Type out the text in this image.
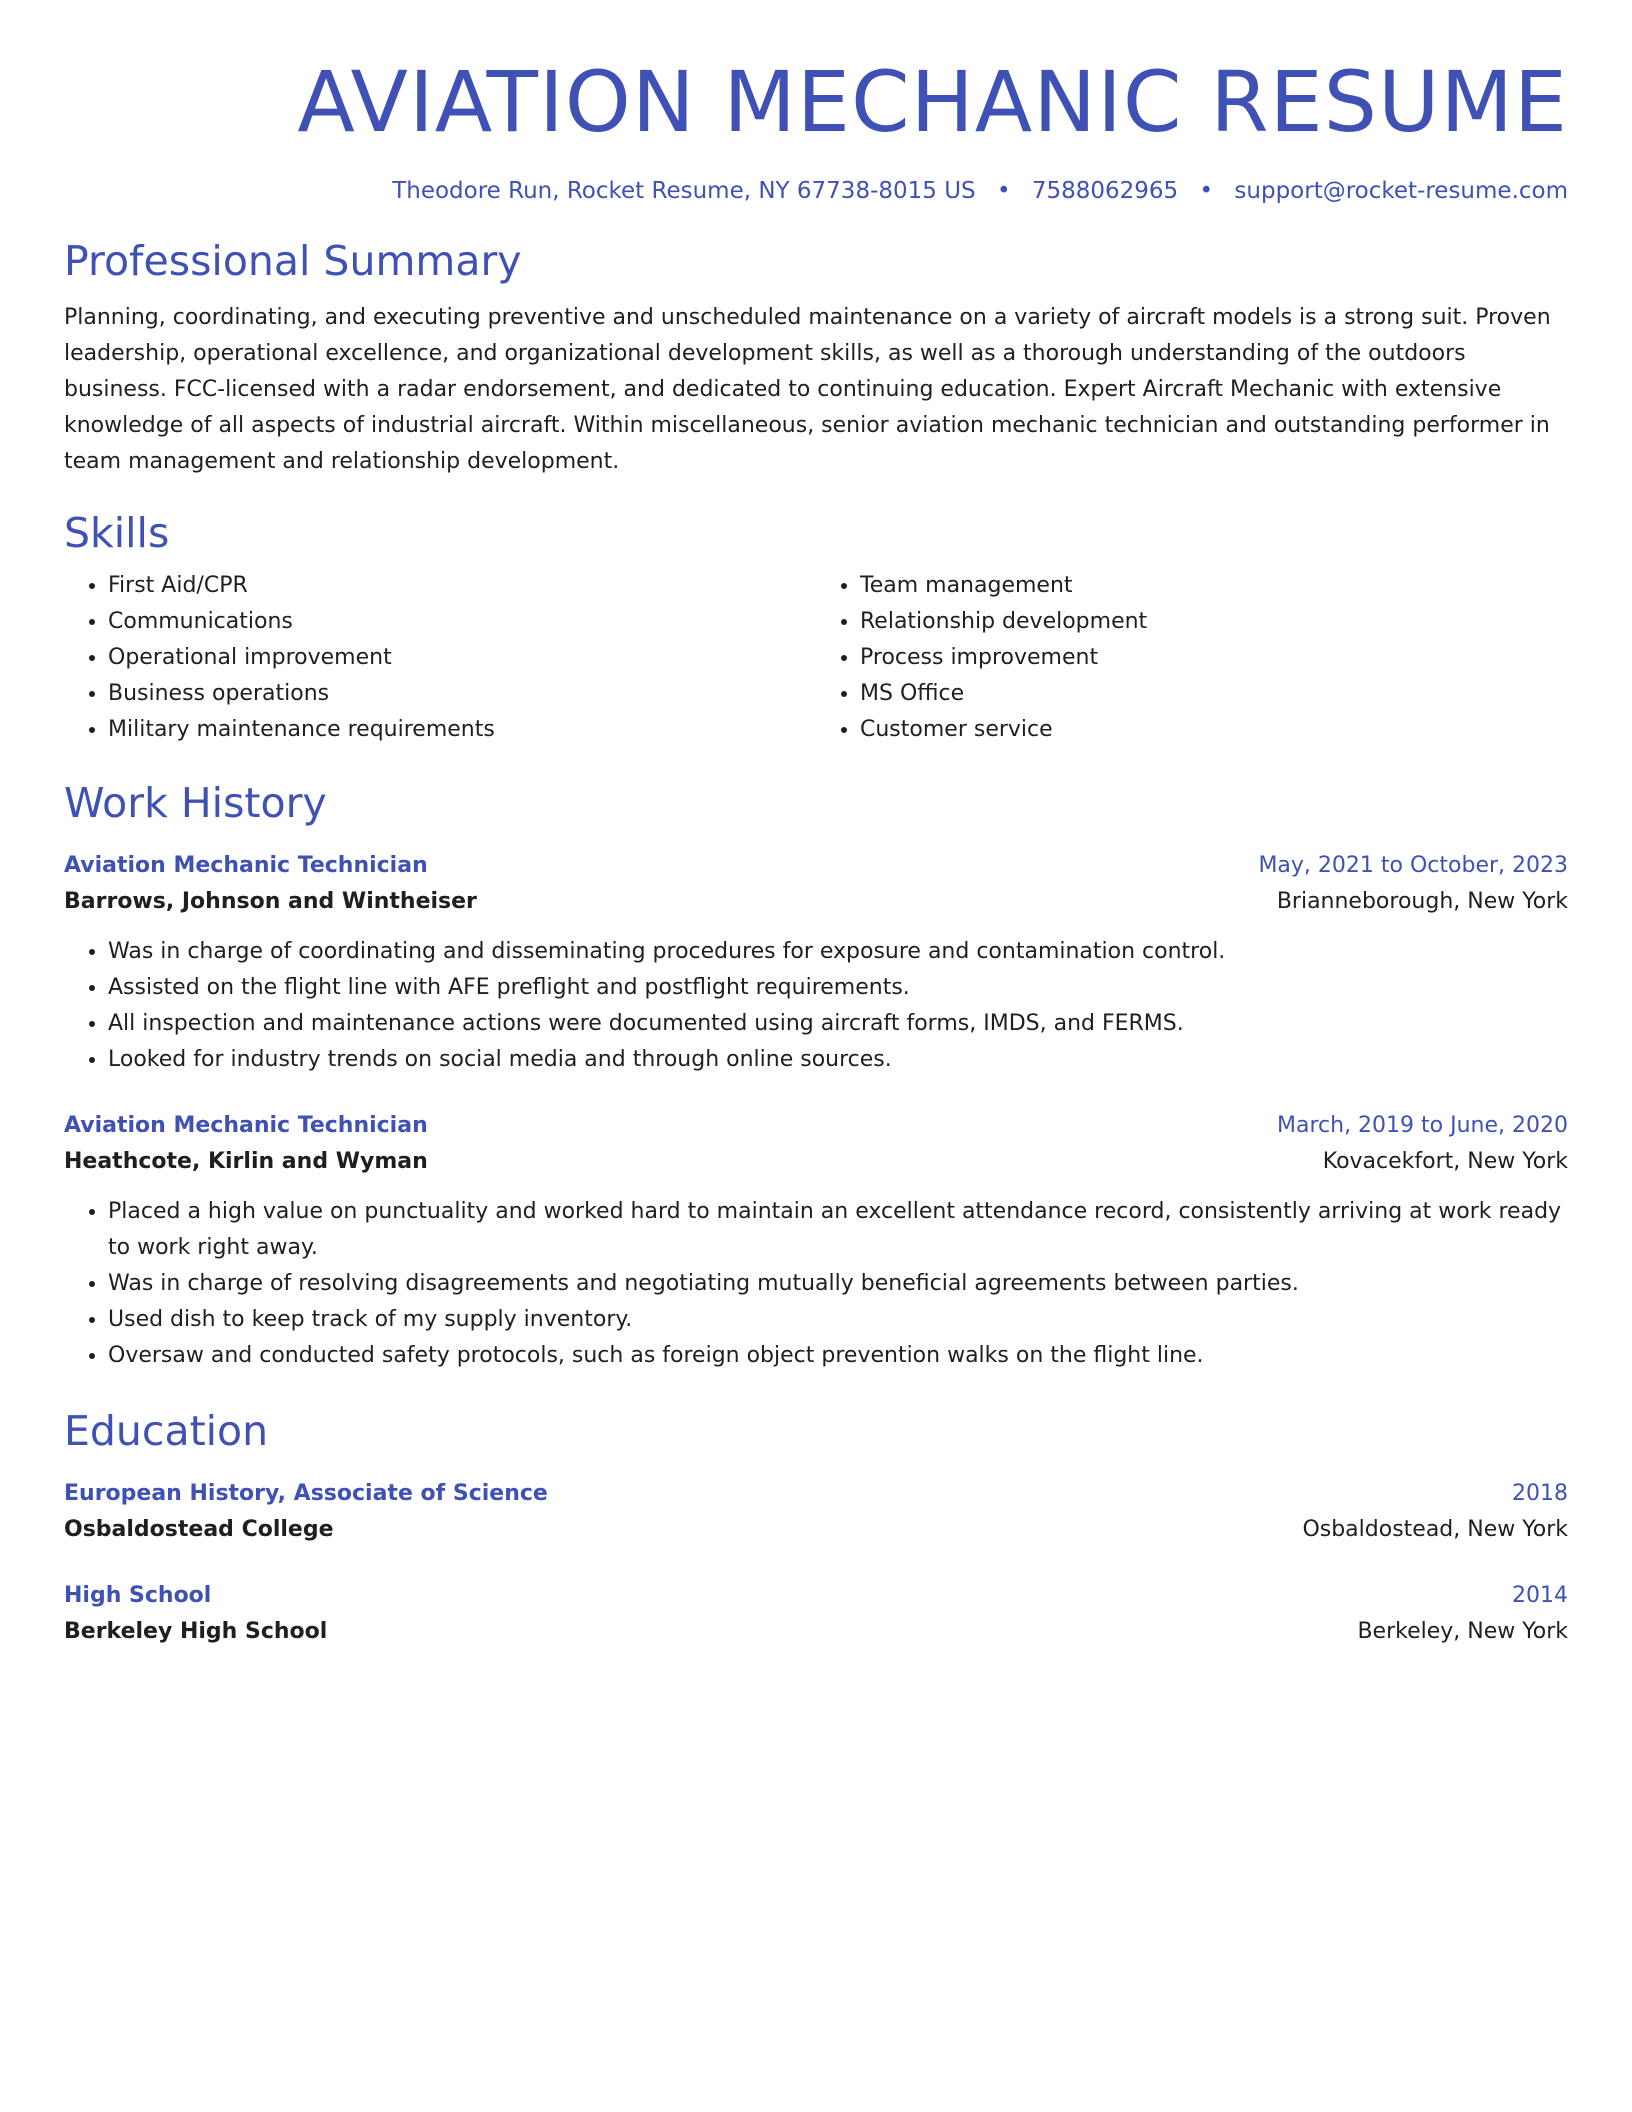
AVIATION MECHANIC RESUME
Theodore Run, Rocket Resume, NY 67738-8015 US • 7588062965 • support@rocket-resume.com
Professional Summary

Planning, coordinating, and executing preventive and unscheduled maintenance on a variety of aircraft models is a strong suit. Proven leadership, operational excellence, and organizational development skills, as well as a thorough understanding of the outdoors business. FCC-licensed with a radar endorsement, and dedicated to continuing education. Expert Aircraft Mechanic with extensive knowledge of all aspects of industrial aircraft. Within miscellaneous, senior aviation mechanic technician and outstanding performer in team management and relationship development.

Skills
• First Aid/CPR
• Communications
• Operational improvement
• Business operations
• Military maintenance requirements
• Team management
• Relationship development
• Process improvement
• MS Office
• Customer service
Work History
Aviation Mechanic Technician	May, 2021 to October, 2023
Barrows, Johnson and Wintheiser	Brianneborough, New York
• Was in charge of coordinating and disseminating procedures for exposure and contamination control.
• Assisted on the flight line with AFE preflight and postflight requirements.
• All inspection and maintenance actions were documented using aircraft forms, IMDS, and FERMS.
• Looked for industry trends on social media and through online sources.
Aviation Mechanic Technician	March, 2019 to June, 2020
Heathcote, Kirlin and Wyman	Kovacekfort, New York
• Placed a high value on punctuality and worked hard to maintain an excellent attendance record, consistently arriving at work ready to work right away.
• Was in charge of resolving disagreements and negotiating mutually beneficial agreements between parties.
• Used dish to keep track of my supply inventory.
• Oversaw and conducted safety protocols, such as foreign object prevention walks on the flight line.
Education
European History, Associate of Science	2018
Osbaldostead College	Osbaldostead, New York
High School	2014
Berkeley High School	Berkeley, New York
